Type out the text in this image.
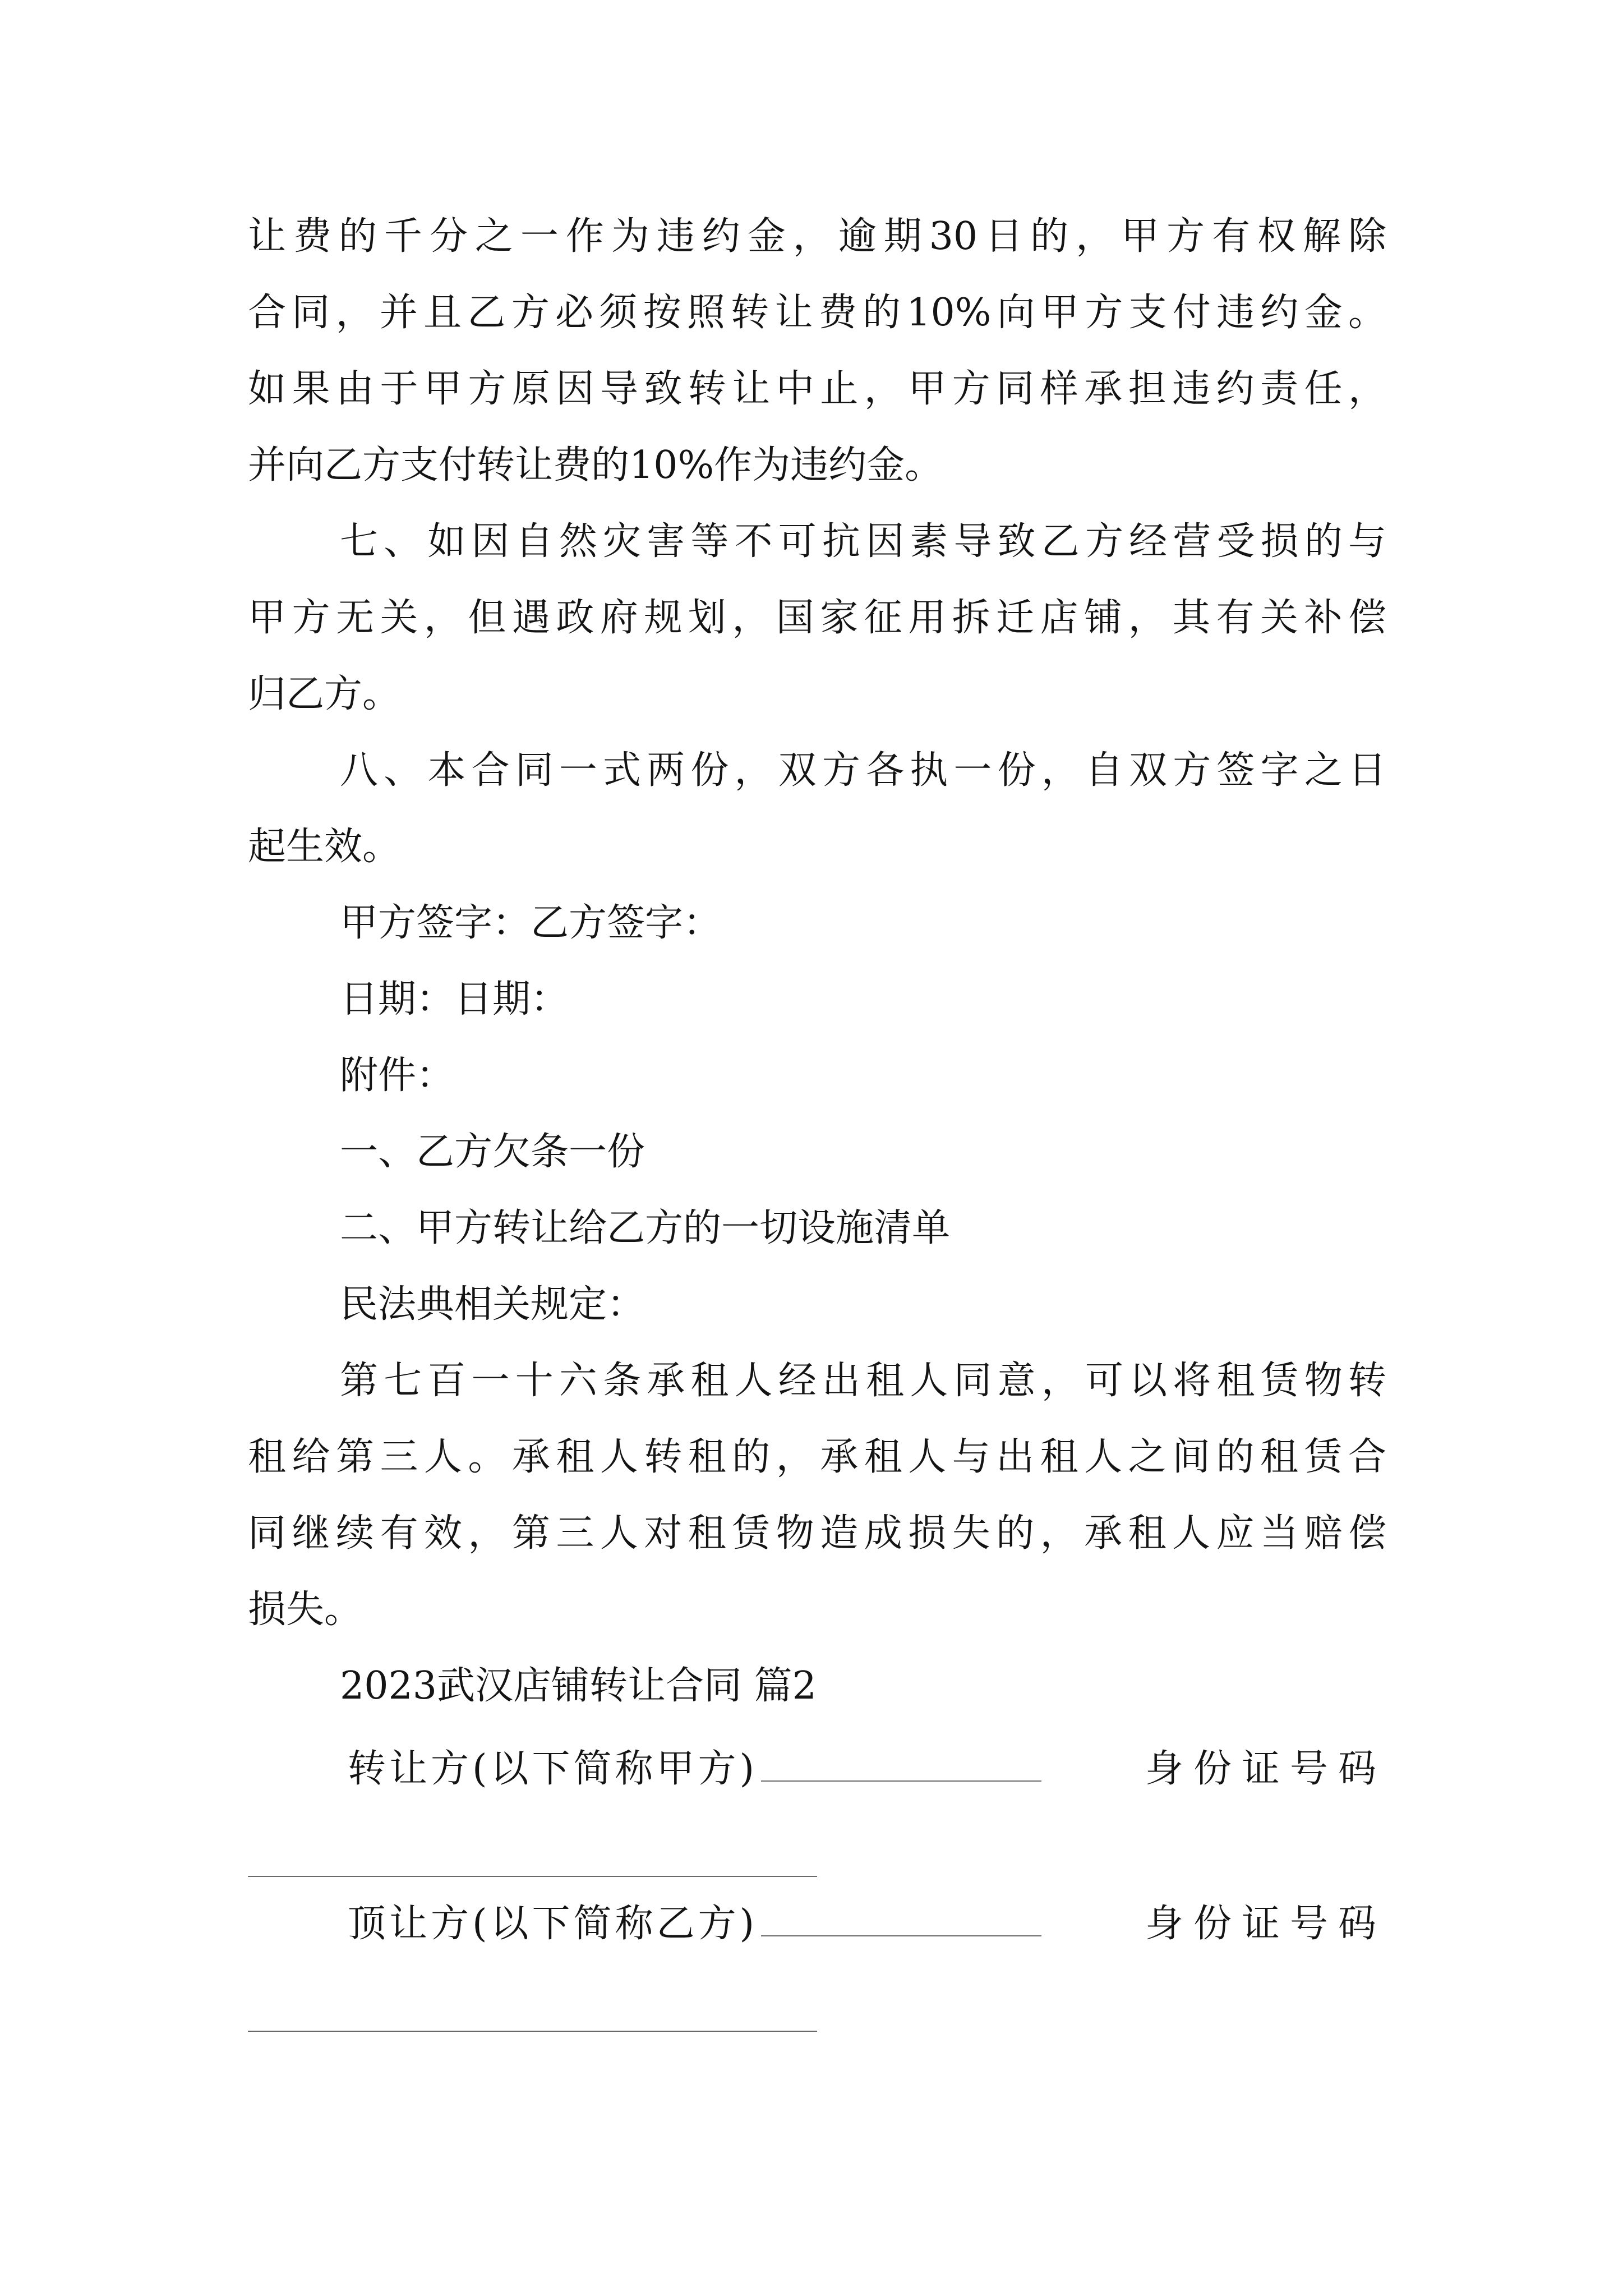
让费的千分之一作为违约金，逾期30日的，甲方有权解除

合同，并且乙方必须按照转让费的10%向甲方支付违约金。

如果由于甲方原因导致转让中止，甲方同样承担违约责任，

并向乙方支付转让费的10%作为违约金。

七、如因自然灾害等不可抗因素导致乙方经营受损的与

甲方无关，但遇政府规划，国家征用拆迁店铺，其有关补偿

归乙方。

八、本合同一式两份，双方各执一份，自双方签字之日

起生效。

甲方签字：乙方签字：

日期：日期：

附件：

一、乙方欠条一份

二、甲方转让给乙方的一切设施清单

民法典相关规定：

第七百一十六条承租人经出租人同意，可以将租赁物转

租给第三人。承租人转租的，承租人与出租人之间的租赁合

同继续有效，第三人对租赁物造成损失的，承租人应当赔偿

损失。

2023武汉店铺转让合同 篇2

转让方(以下简称甲方)	身份证号码
顶让方(以下简称乙方)	身份证号码
